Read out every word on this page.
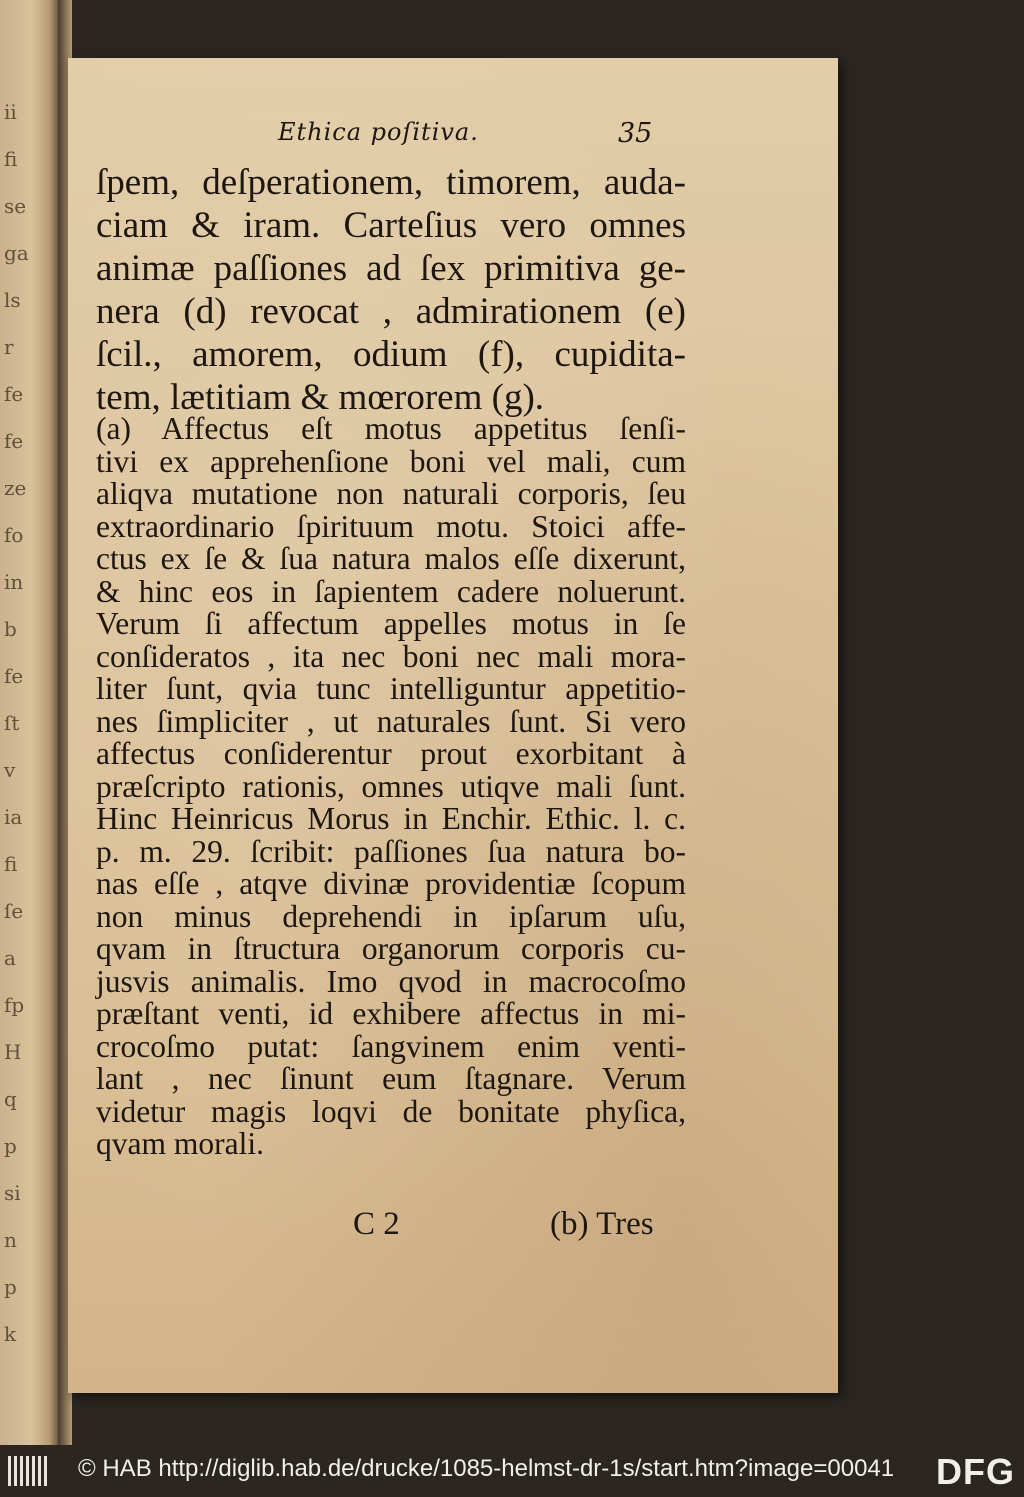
ii
fi
se
ga
ls
r
fe
fe
ze
fo
in
b
fe
ſt
v
ia
fi
ſe
a
fp
H
q
p
si
n
p
k
Ethica poſitiva.	35
ſpem, deſperationem, timorem, auda-
ciam & iram. Carteſius vero omnes
animæ paſſiones ad ſex primitiva ge-
nera (d) revocat , admirationem (e)
ſcil., amorem, odium (f), cupidita-
tem, lætitiam & mœrorem (g).
(a) Affectus eſt motus appetitus ſenſi-
tivi ex apprehenſione boni vel mali, cum
aliqva mutatione non naturali corporis, ſeu
extraordinario ſpirituum motu. Stoici affe-
ctus ex ſe & ſua natura malos eſſe dixerunt,
& hinc eos in ſapientem cadere noluerunt.
Verum ſi affectum appelles motus in ſe
conſideratos , ita nec boni nec mali mora-
liter ſunt, qvia tunc intelliguntur appetitio-
nes ſimpliciter , ut naturales ſunt. Si vero
affectus conſiderentur prout exorbitant à
præſcripto rationis, omnes utiqve mali ſunt.
Hinc Heinricus Morus in Enchir. Ethic. l. c.
p. m. 29. ſcribit: paſſiones ſua natura bo-
nas eſſe , atqve divinæ providentiæ ſcopum
non minus deprehendi in ipſarum uſu,
qvam in ſtructura organorum corporis cu-
jusvis animalis. Imo qvod in macrocoſmo
præſtant venti, id exhibere affectus in mi-
crocoſmo putat: ſangvinem enim venti-
lant , nec ſinunt eum ſtagnare. Verum
videtur magis loqvi de bonitate phyſica,
qvam morali.
C 2	(b) Tres
© HAB http://diglib.hab.de/drucke/1085-helmst-dr-1s/start.htm?image=00041 DFG
